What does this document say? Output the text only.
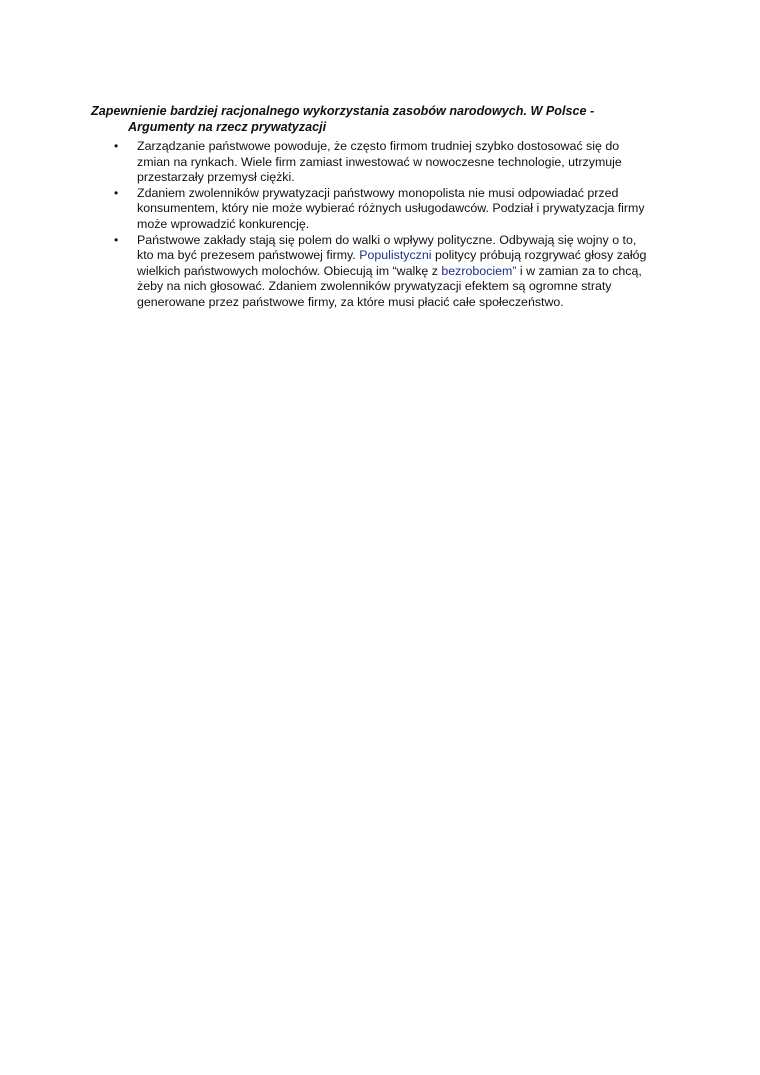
Zapewnienie bardziej racjonalnego wykorzystania zasobów narodowych. W Polsce -
Argumenty na rzecz prywatyzacji
• Zarządzanie państwowe powoduje, że często firmom trudniej szybko dostosować się do
zmian na rynkach. Wiele firm zamiast inwestować w nowoczesne technologie, utrzymuje
przestarzały przemysł ciężki.
• Zdaniem zwolenników prywatyzacji państwowy monopolista nie musi odpowiadać przed
konsumentem, który nie może wybierać różnych usługodawców. Podział i prywatyzacja firmy
może wprowadzić konkurencję.
• Państwowe zakłady stają się polem do walki o wpływy polityczne. Odbywają się wojny o to,
kto ma być prezesem państwowej firmy. Populistyczni politycy próbują rozgrywać głosy załóg
wielkich państwowych molochów. Obiecują im “walkę z bezrobociem” i w zamian za to chcą,
żeby na nich głosować. Zdaniem zwolenników prywatyzacji efektem są ogromne straty
generowane przez państwowe firmy, za które musi płacić całe społeczeństwo.
